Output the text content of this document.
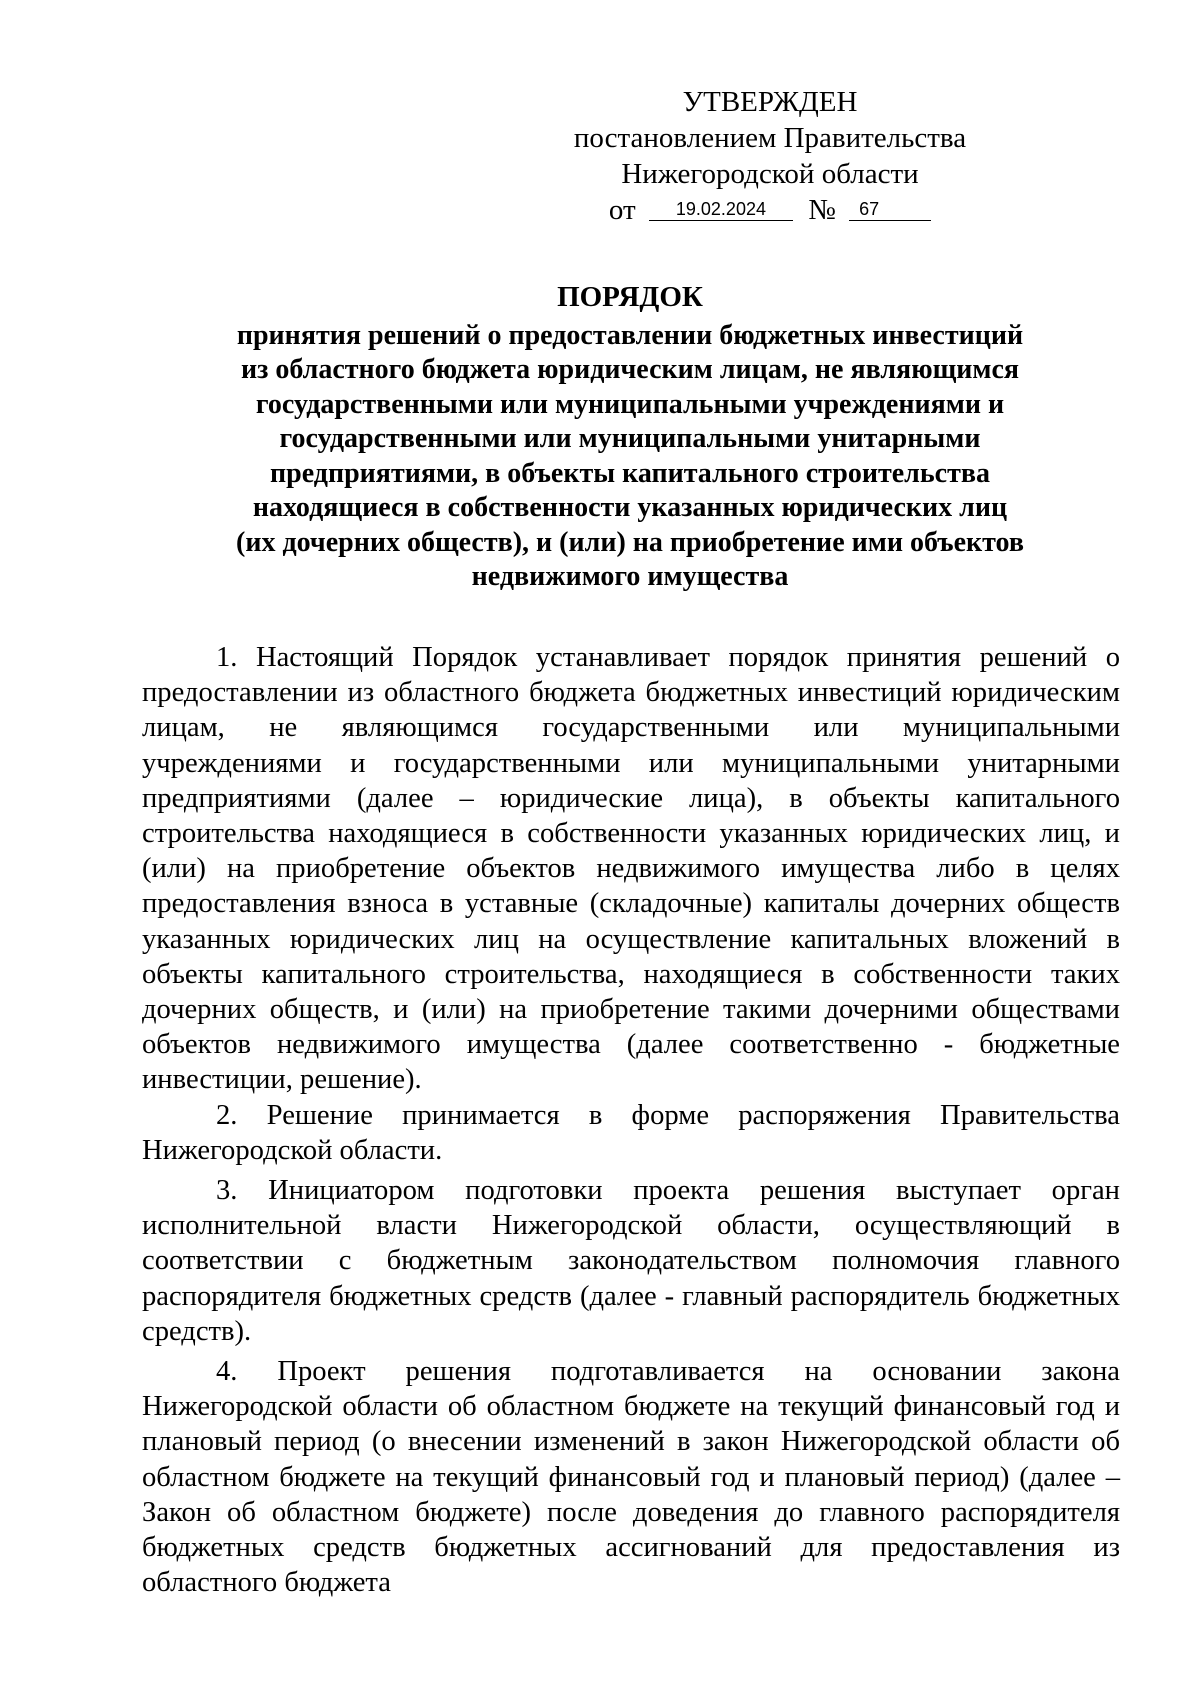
УТВЕРЖДЕН
постановлением Правительства
Нижегородской области
от 19.02.2024 № 67
ПОРЯДОК
принятия решений о предоставлении бюджетных инвестиций
из областного бюджета юридическим лицам, не являющимся
государственными или муниципальными учреждениями и
государственными или муниципальными унитарными
предприятиями, в объекты капитального строительства
находящиеся в собственности указанных юридических лиц
(их дочерних обществ), и (или) на приобретение ими объектов
недвижимого имущества

1. Настоящий Порядок устанавливает порядок принятия решений о предоставлении из областного бюджета бюджетных инвестиций юридическим лицам, не являющимся государственными или муниципальными учреждениями и государственными или муниципальными унитарными предприятиями (далее – юридические лица), в объекты капитального строительства находящиеся в собственности указанных юридических лиц, и (или) на приобретение объектов недвижимого имущества либо в целях предоставления взноса в уставные (складочные) капиталы дочерних обществ указанных юридических лиц на осуществление капитальных вложений в объекты капитального строительства, находящиеся в собственности таких дочерних обществ, и (или) на приобретение такими дочерними обществами объектов недвижимого имущества (далее соответственно - бюджетные инвестиции, решение).

2. Решение принимается в форме распоряжения Правительства Нижегородской области.

3. Инициатором подготовки проекта решения выступает орган исполнительной власти Нижегородской области, осуществляющий в соответствии с бюджетным законодательством полномочия главного распорядителя бюджетных средств (далее - главный распорядитель бюджетных средств).

4. Проект решения подготавливается на основании закона Нижегородской области об областном бюджете на текущий финансовый год и плановый период (о внесении изменений в закон Нижегородской области об областном бюджете на текущий финансовый год и плановый период) (далее – Закон об областном бюджете) после доведения до главного распорядителя бюджетных средств бюджетных ассигнований для предоставления из областного бюджета
